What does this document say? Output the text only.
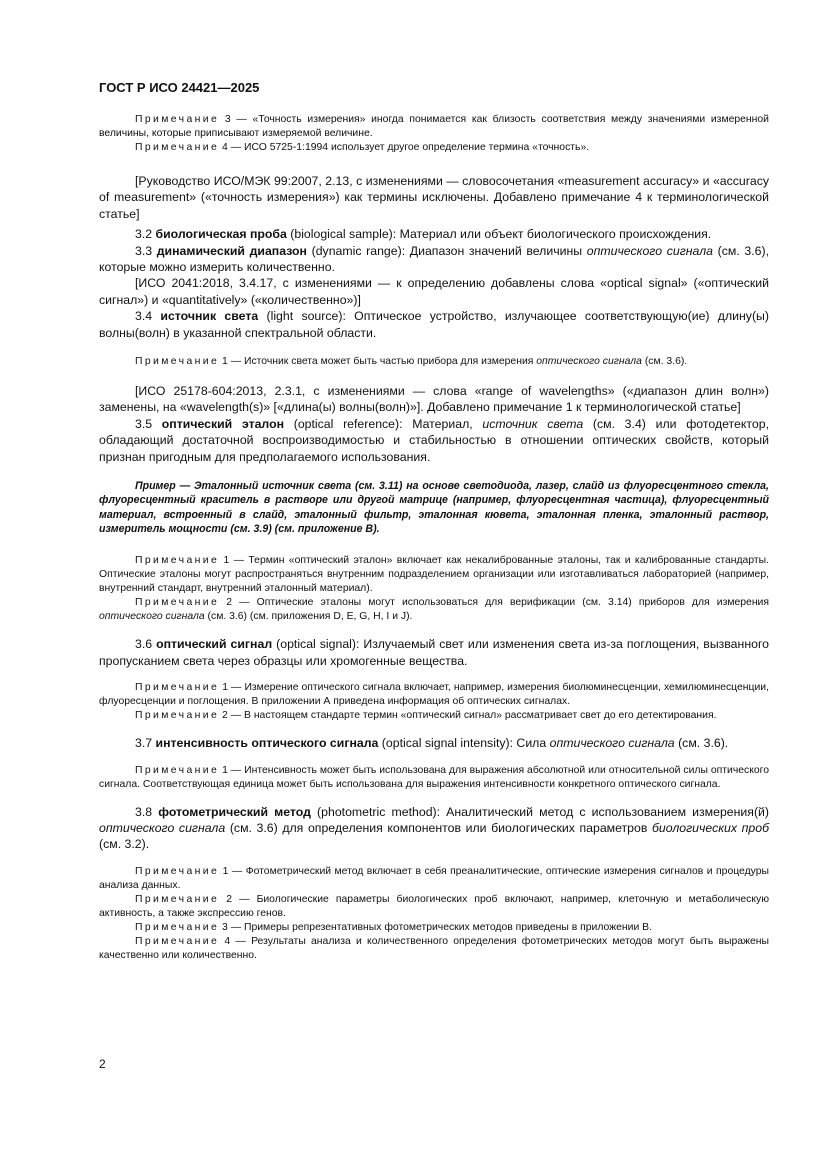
ГОСТ Р ИСО 24421—2025

Примечание 3 — «Точность измерения» иногда понимается как близость соответствия между значениями измеренной величины, которые приписывают измеряемой величине.

Примечание 4 — ИСО 5725-1:1994 использует другое определение термина «точность».

[Руководство ИСО/МЭК 99:2007, 2.13, с изменениями — словосочетания «measurement accuracy» и «accuracy of measurement» («точность измерения») как термины исключены. Добавлено примечание 4 к терминологической статье]

3.2 биологическая проба (biological sample): Материал или объект биологического происхождения.

3.3 динамический диапазон (dynamic range): Диапазон значений величины оптического сигнала (см. 3.6), которые можно измерить количественно.

[ИСО 2041:2018, 3.4.17, с изменениями — к определению добавлены слова «optical signal» («оптический сигнал») и «quantitatively» («количественно»)]

3.4 источник света (light source): Оптическое устройство, излучающее соответствующую(ие) длину(ы) волны(волн) в указанной спектральной области.

Примечание 1 — Источник света может быть частью прибора для измерения оптического сигнала (см. 3.6).

[ИСО 25178-604:2013, 2.3.1, с изменениями — слова «range of wavelengths» («диапазон длин волн») заменены, на «wavelength(s)» [«длина(ы) волны(волн)»]. Добавлено примечание 1 к терминологической статье]

3.5 оптический эталон (optical reference): Материал, источник света (см. 3.4) или фотодетектор, обладающий достаточной воспроизводимостью и стабильностью в отношении оптических свойств, который признан пригодным для предполагаемого использования.

Пример — Эталонный источник света (см. 3.11) на основе светодиода, лазер, слайд из флуоресцентного стекла, флуоресцентный краситель в растворе или другой матрице (например, флуоресцентная частица), флуоресцентный материал, встроенный в слайд, эталонный фильтр, эталонная кювета, эталонная пленка, эталонный раствор, измеритель мощности (см. 3.9) (см. приложение В).

Примечание 1 — Термин «оптический эталон» включает как некалиброванные эталоны, так и калиброванные стандарты. Оптические эталоны могут распространяться внутренним подразделением организации или изготавливаться лабораторией (например, внутренний стандарт, внутренний эталонный материал).

Примечание 2 — Оптические эталоны могут использоваться для верификации (см. 3.14) приборов для измерения оптического сигнала (см. 3.6) (см. приложения D, E, G, H, I и J).

3.6 оптический сигнал (optical signal): Излучаемый свет или изменения света из-за поглощения, вызванного пропусканием света через образцы или хромогенные вещества.

Примечание 1 — Измерение оптического сигнала включает, например, измерения биолюминесценции, хемилюминесценции, флуоресценции и поглощения. В приложении А приведена информация об оптических сигналах.

Примечание 2 — В настоящем стандарте термин «оптический сигнал» рассматривает свет до его детектирования.

3.7 интенсивность оптического сигнала (optical signal intensity): Сила оптического сигнала (см. 3.6).

Примечание 1 — Интенсивность может быть использована для выражения абсолютной или относительной силы оптического сигнала. Соответствующая единица может быть использована для выражения интенсивности конкретного оптического сигнала.

3.8 фотометрический метод (photometric method): Аналитический метод с использованием измерения(й) оптического сигнала (см. 3.6) для определения компонентов или биологических параметров биологических проб (см. 3.2).

Примечание 1 — Фотометрический метод включает в себя преаналитические, оптические измерения сигналов и процедуры анализа данных.

Примечание 2 — Биологические параметры биологических проб включают, например, клеточную и метаболическую активность, а также экспрессию генов.

Примечание 3 — Примеры репрезентативных фотометрических методов приведены в приложении В.

Примечание 4 — Результаты анализа и количественного определения фотометрических методов могут быть выражены качественно или количественно.

2
